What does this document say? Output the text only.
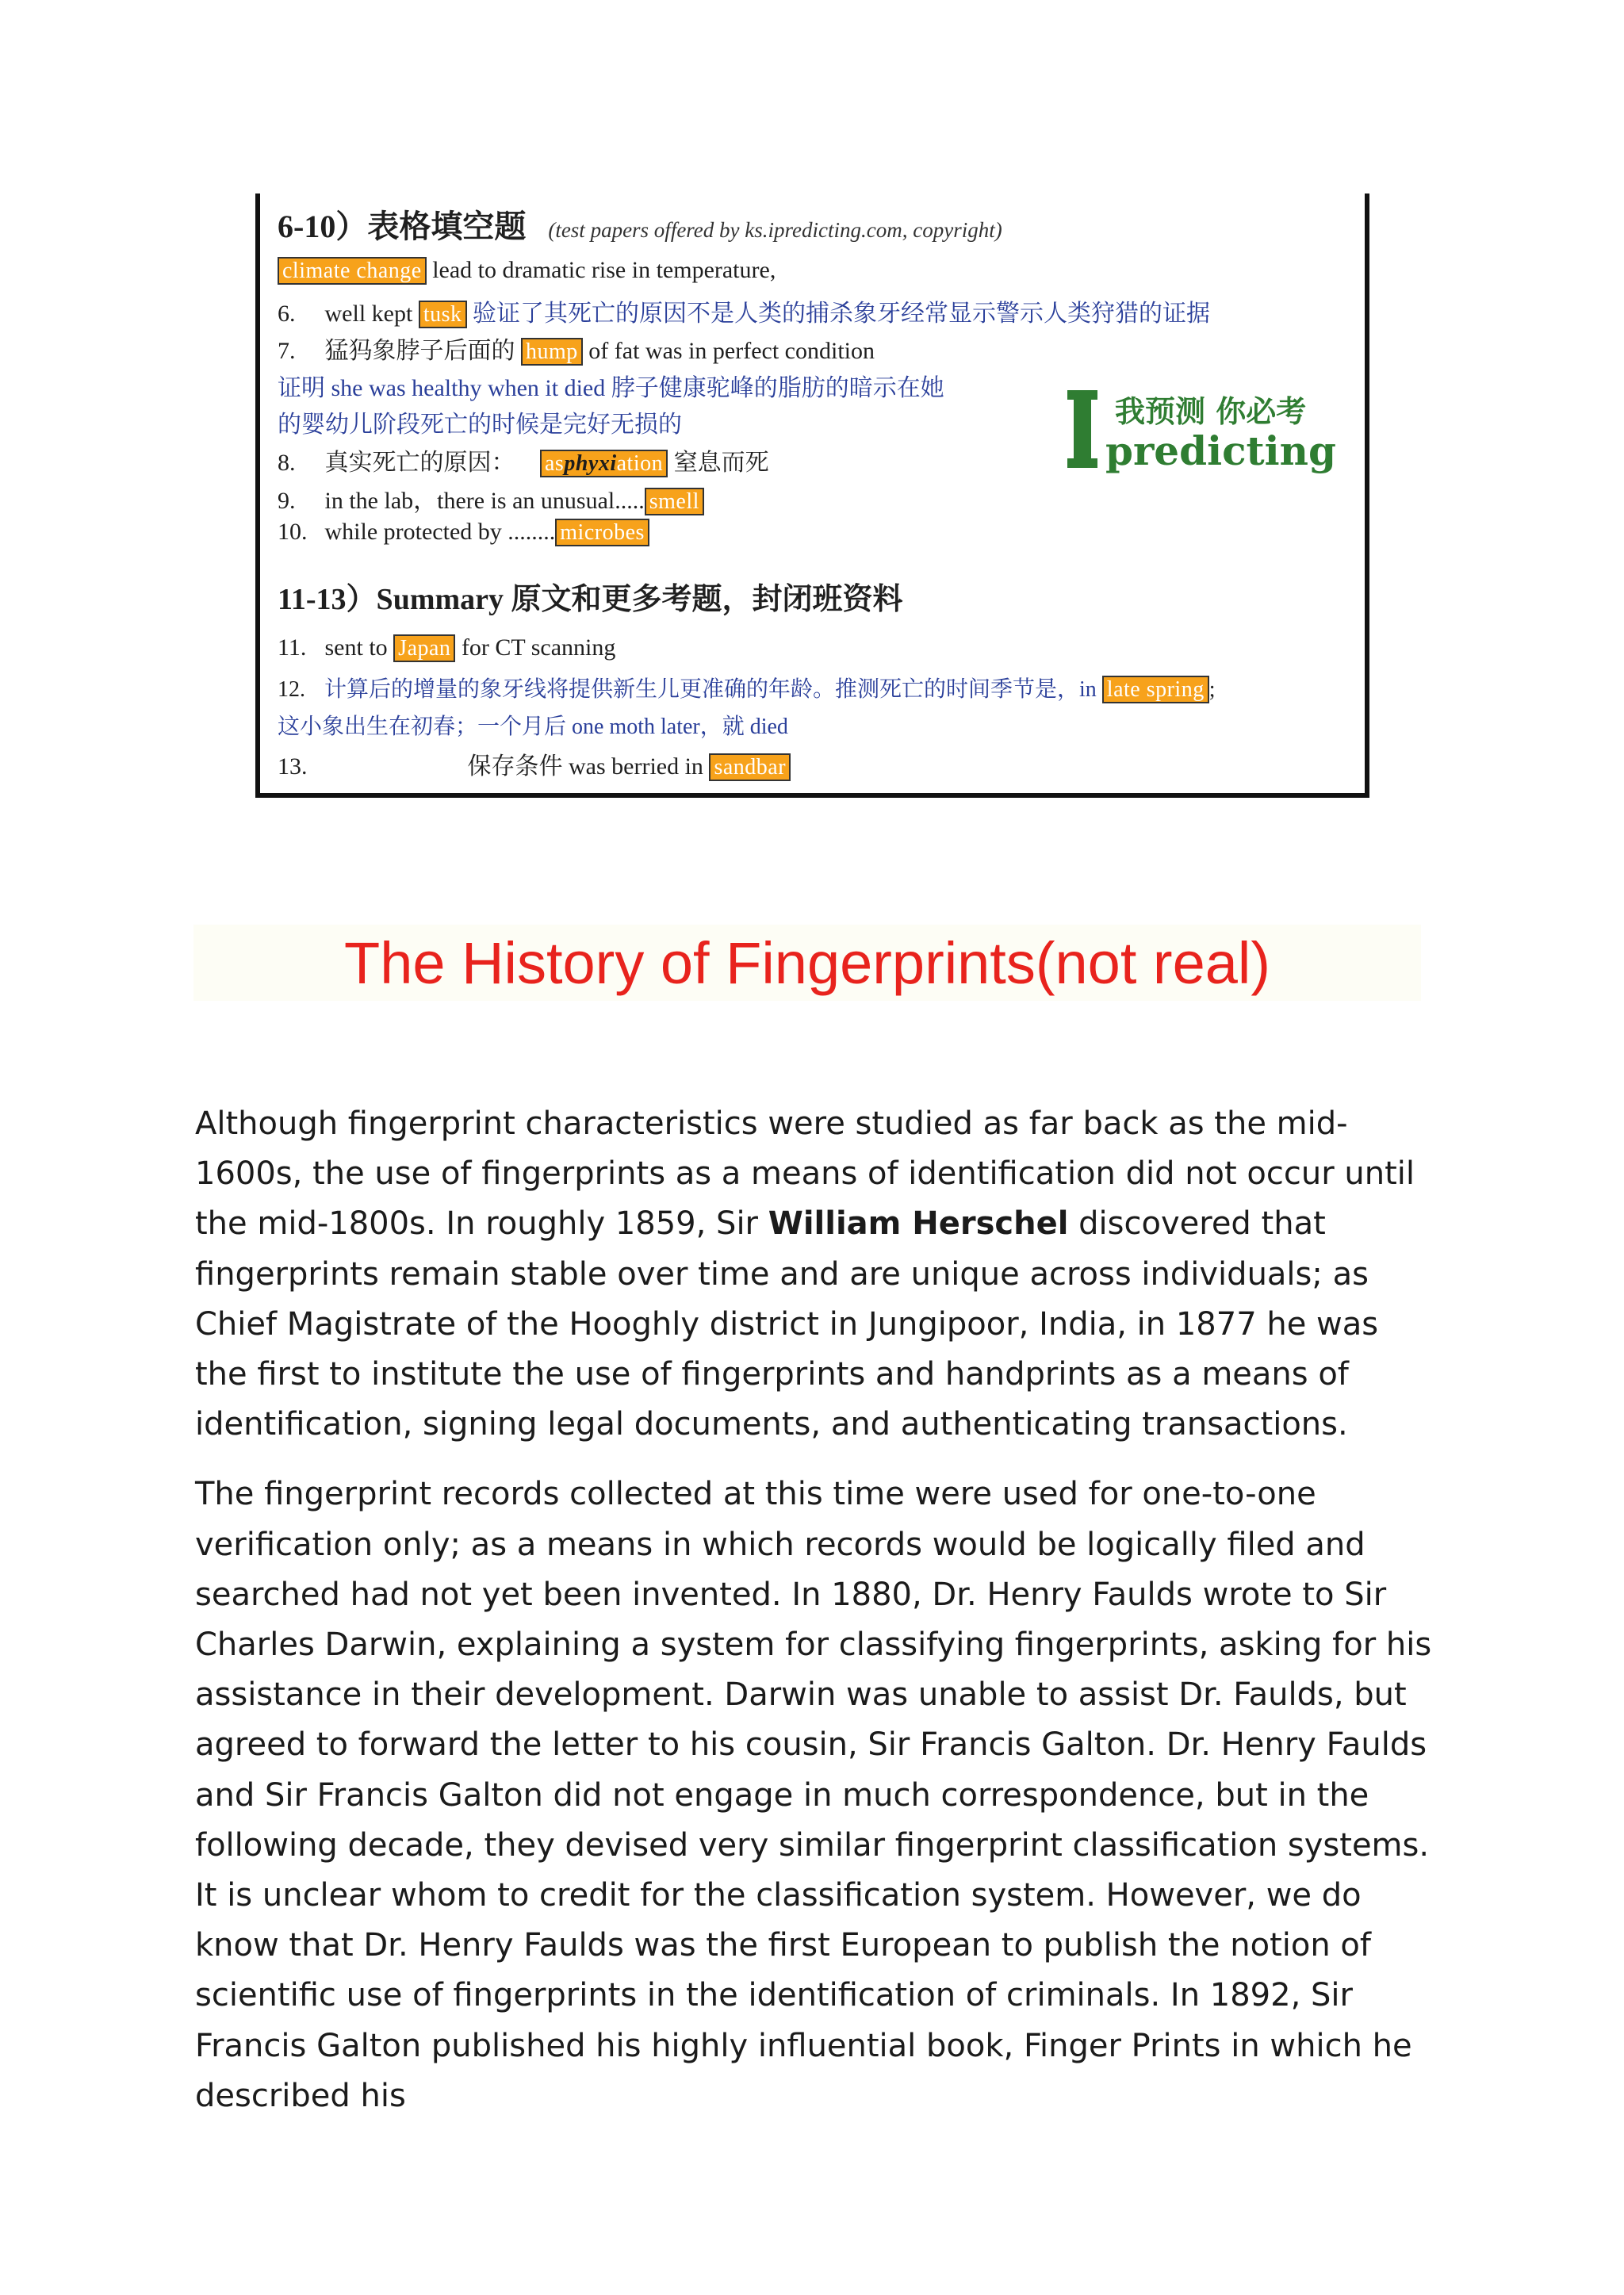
6-10）表格填空题 (test papers offered by ks.ipredicting.com, copyright)
climate change lead to dramatic rise in temperature,
6. well kept tusk 验证了其死亡的原因不是人类的捕杀象牙经常显示警示人类狩猎的证据
7. 猛犸象脖子后面的 hump of fat was in perfect condition
证明 she was healthy when it died 脖子健康驼峰的脂肪的暗示在她
的婴幼儿阶段死亡的时候是完好无损的
8. 真实死亡的原因： asphyxiation 窒息而死
9. in the lab，there is an unusual..... smell
10. while protected by ........ microbes
11-13）Summary 原文和更多考题，封闭班资料
11. sent to Japan for CT scanning
12. 计算后的增量的象牙线将提供新生儿更准确的年龄。推测死亡的时间季节是，in late spring ;
这小象出生在初春；一个月后 one moth later，就 died
13.	保存条件 was berried in sandbar
我预测 你必考
predicting
The History of Fingerprints(not real)

Although fingerprint characteristics were studied as far back as the mid-1600s, the use of fingerprints as a means of identification did not occur until the mid-1800s. In roughly 1859, Sir William Herschel discovered that fingerprints remain stable over time and are unique across individuals; as Chief Magistrate of the Hooghly district in Jungipoor, India, in 1877 he was the first to institute the use of fingerprints and handprints as a means of identification, signing legal documents, and authenticating transactions.

The fingerprint records collected at this time were used for one-to-one verification only; as a means in which records would be logically filed and searched had not yet been invented. In 1880, Dr. Henry Faulds wrote to Sir Charles Darwin, explaining a system for classifying fingerprints, asking for his assistance in their development. Darwin was unable to assist Dr. Faulds, but agreed to forward the letter to his cousin, Sir Francis Galton. Dr. Henry Faulds and Sir Francis Galton did not engage in much correspondence, but in the following decade, they devised very similar fingerprint classification systems. It is unclear whom to credit for the classification system. However, we do know that Dr. Henry Faulds was the first European to publish the notion of scientific use of fingerprints in the identification of criminals. In 1892, Sir Francis Galton published his highly influential book, Finger Prints in which he described his
